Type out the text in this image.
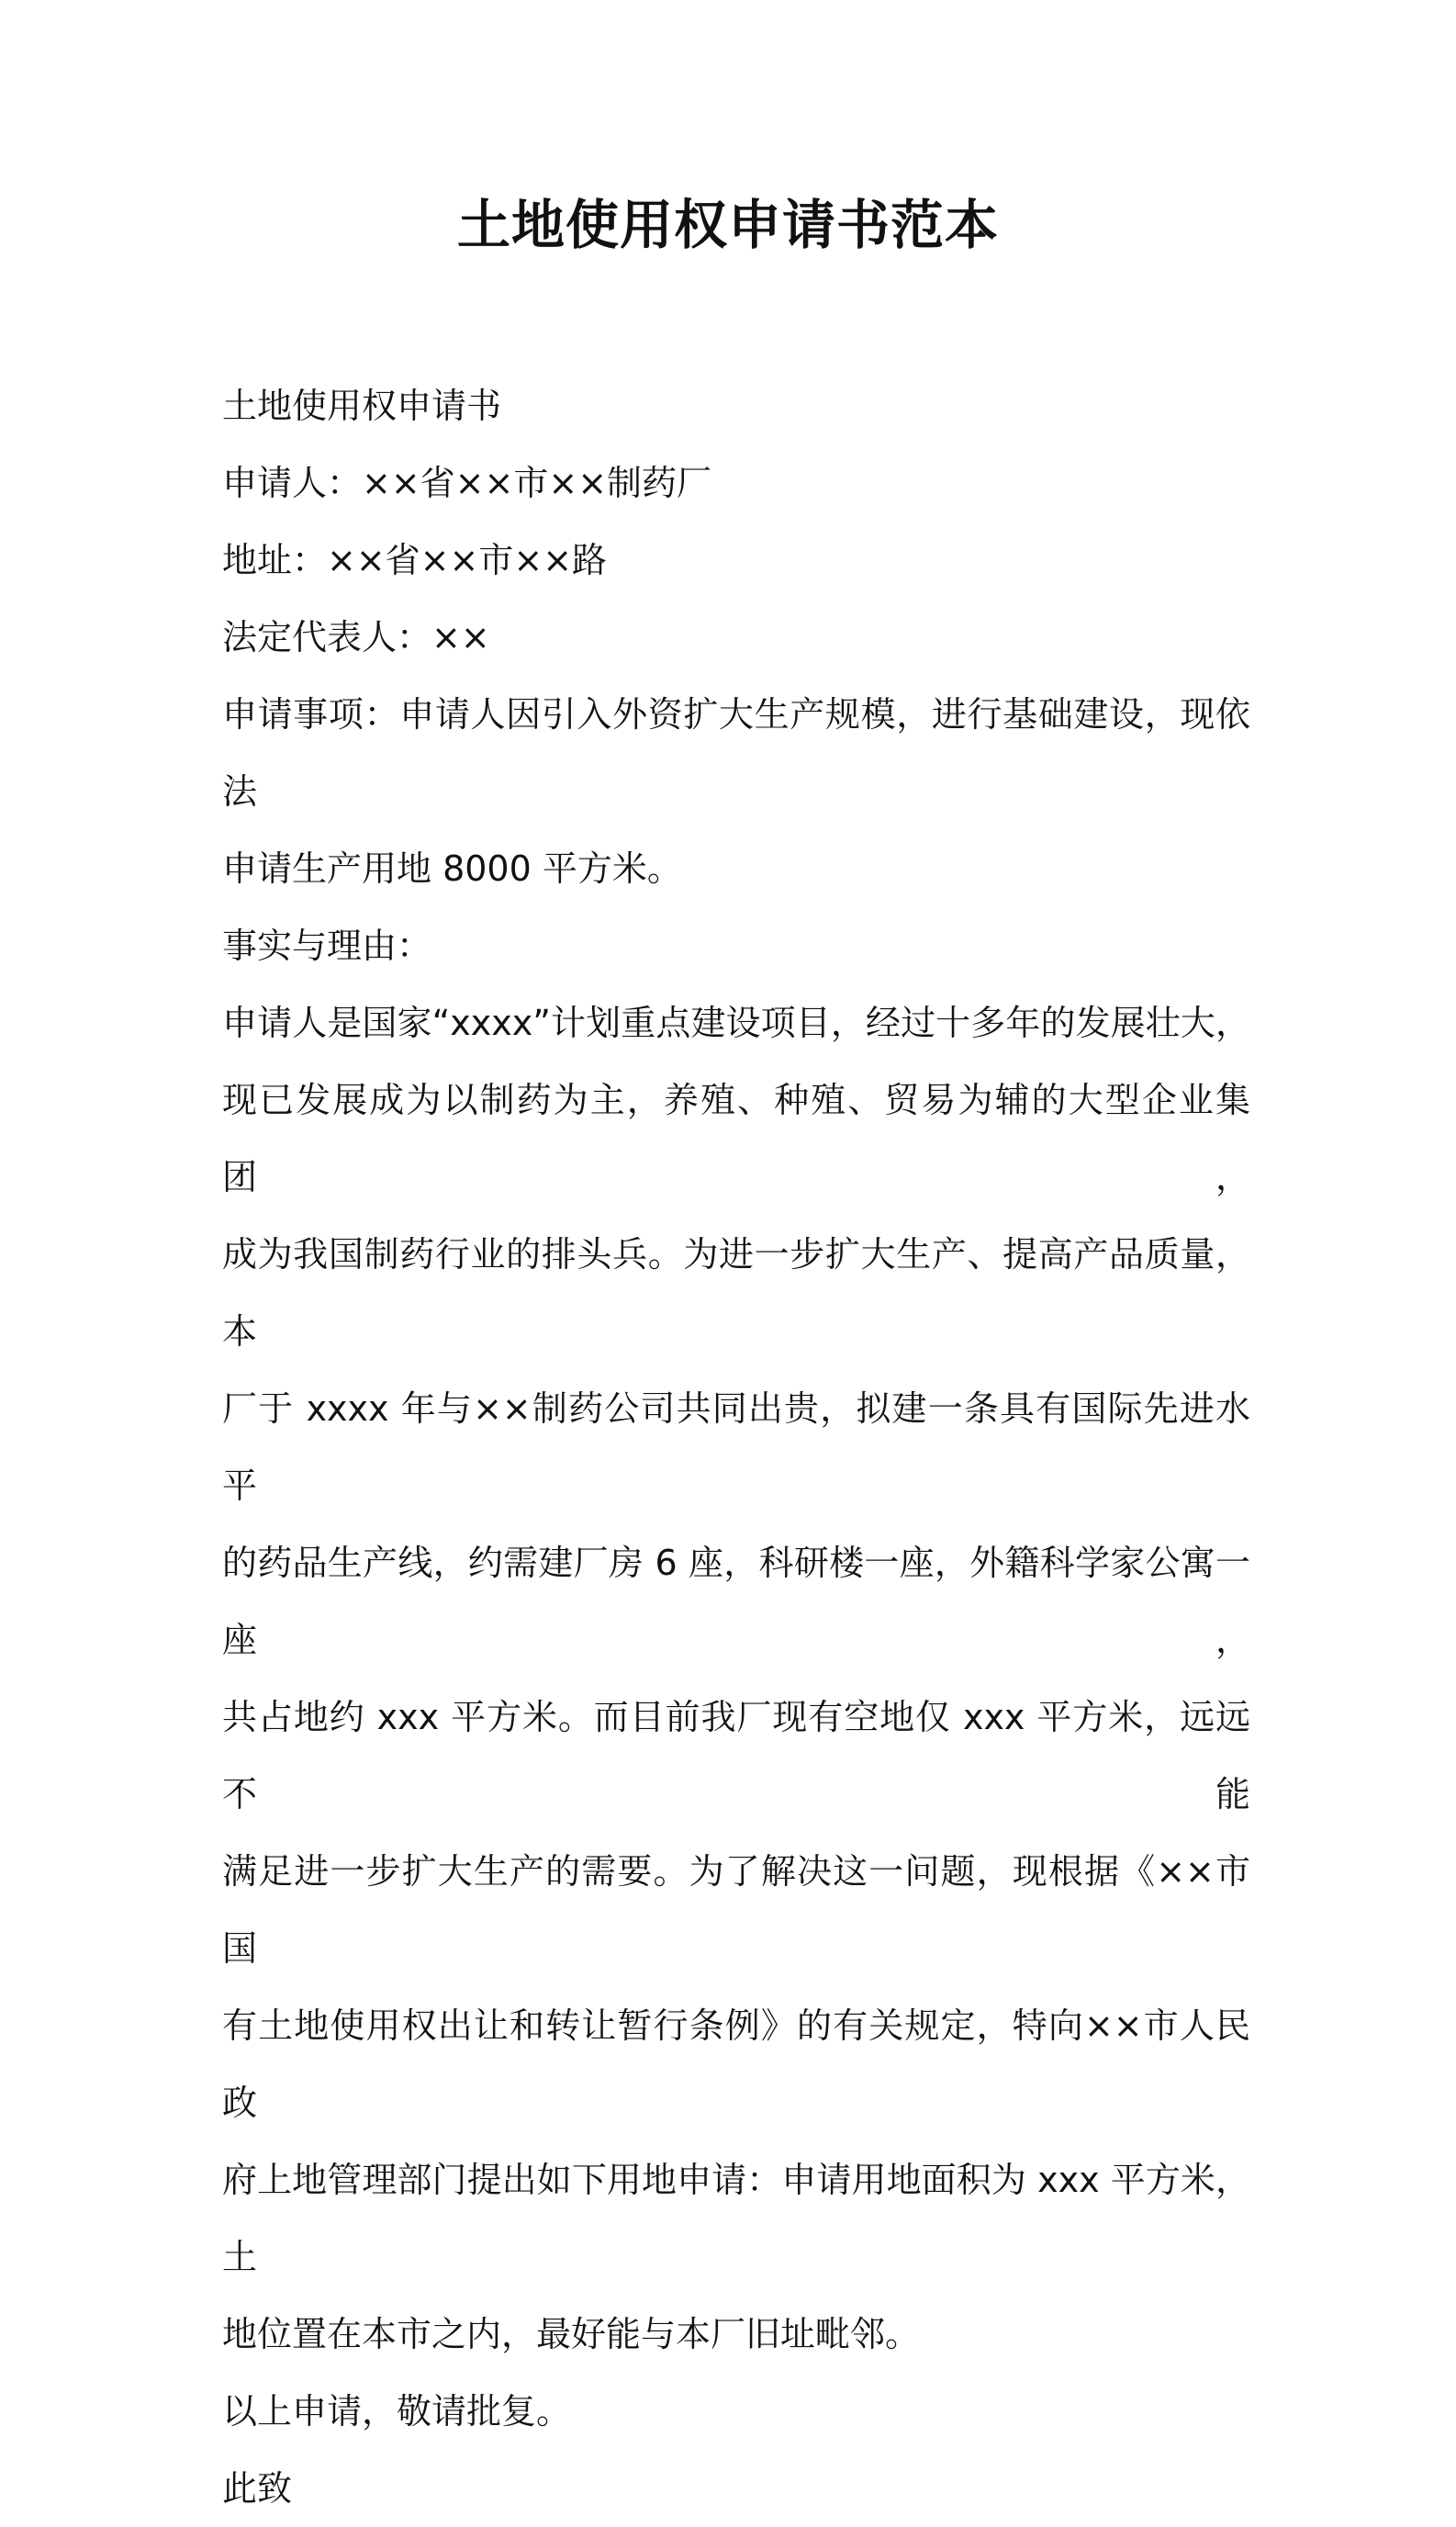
土地使用权申请书范本

土地使用权申请书

申请人：××省××市××制药厂

地址：××省××市××路

法定代表人：××

申请事项：申请人因引入外资扩大生产规模，进行基础建设，现依法

申请生产用地 8000 平方米。

事实与理由：

申请人是国家“xxxx”计划重点建设项目，经过十多年的发展壮大，

现已发展成为以制药为主，养殖、种殖、贸易为辅的大型企业集团，

成为我国制药行业的排头兵。为进一步扩大生产、提高产品质量，本

厂于 xxxx 年与××制药公司共同出贵，拟建一条具有国际先进水平

的药品生产线，约需建厂房 6 座，科研楼一座，外籍科学家公寓一座，

共占地约 xxx 平方米。而目前我厂现有空地仅 xxx 平方米，远远不能

满足进一步扩大生产的需要。为了解决这一问题，现根据《××市国

有土地使用权出让和转让暂行条例》的有关规定，特向××市人民政

府上地管理部门提出如下用地申请：申请用地面积为 xxx 平方米，土

地位置在本市之内，最好能与本厂旧址毗邻。

以上申请，敬请批复。

此致
